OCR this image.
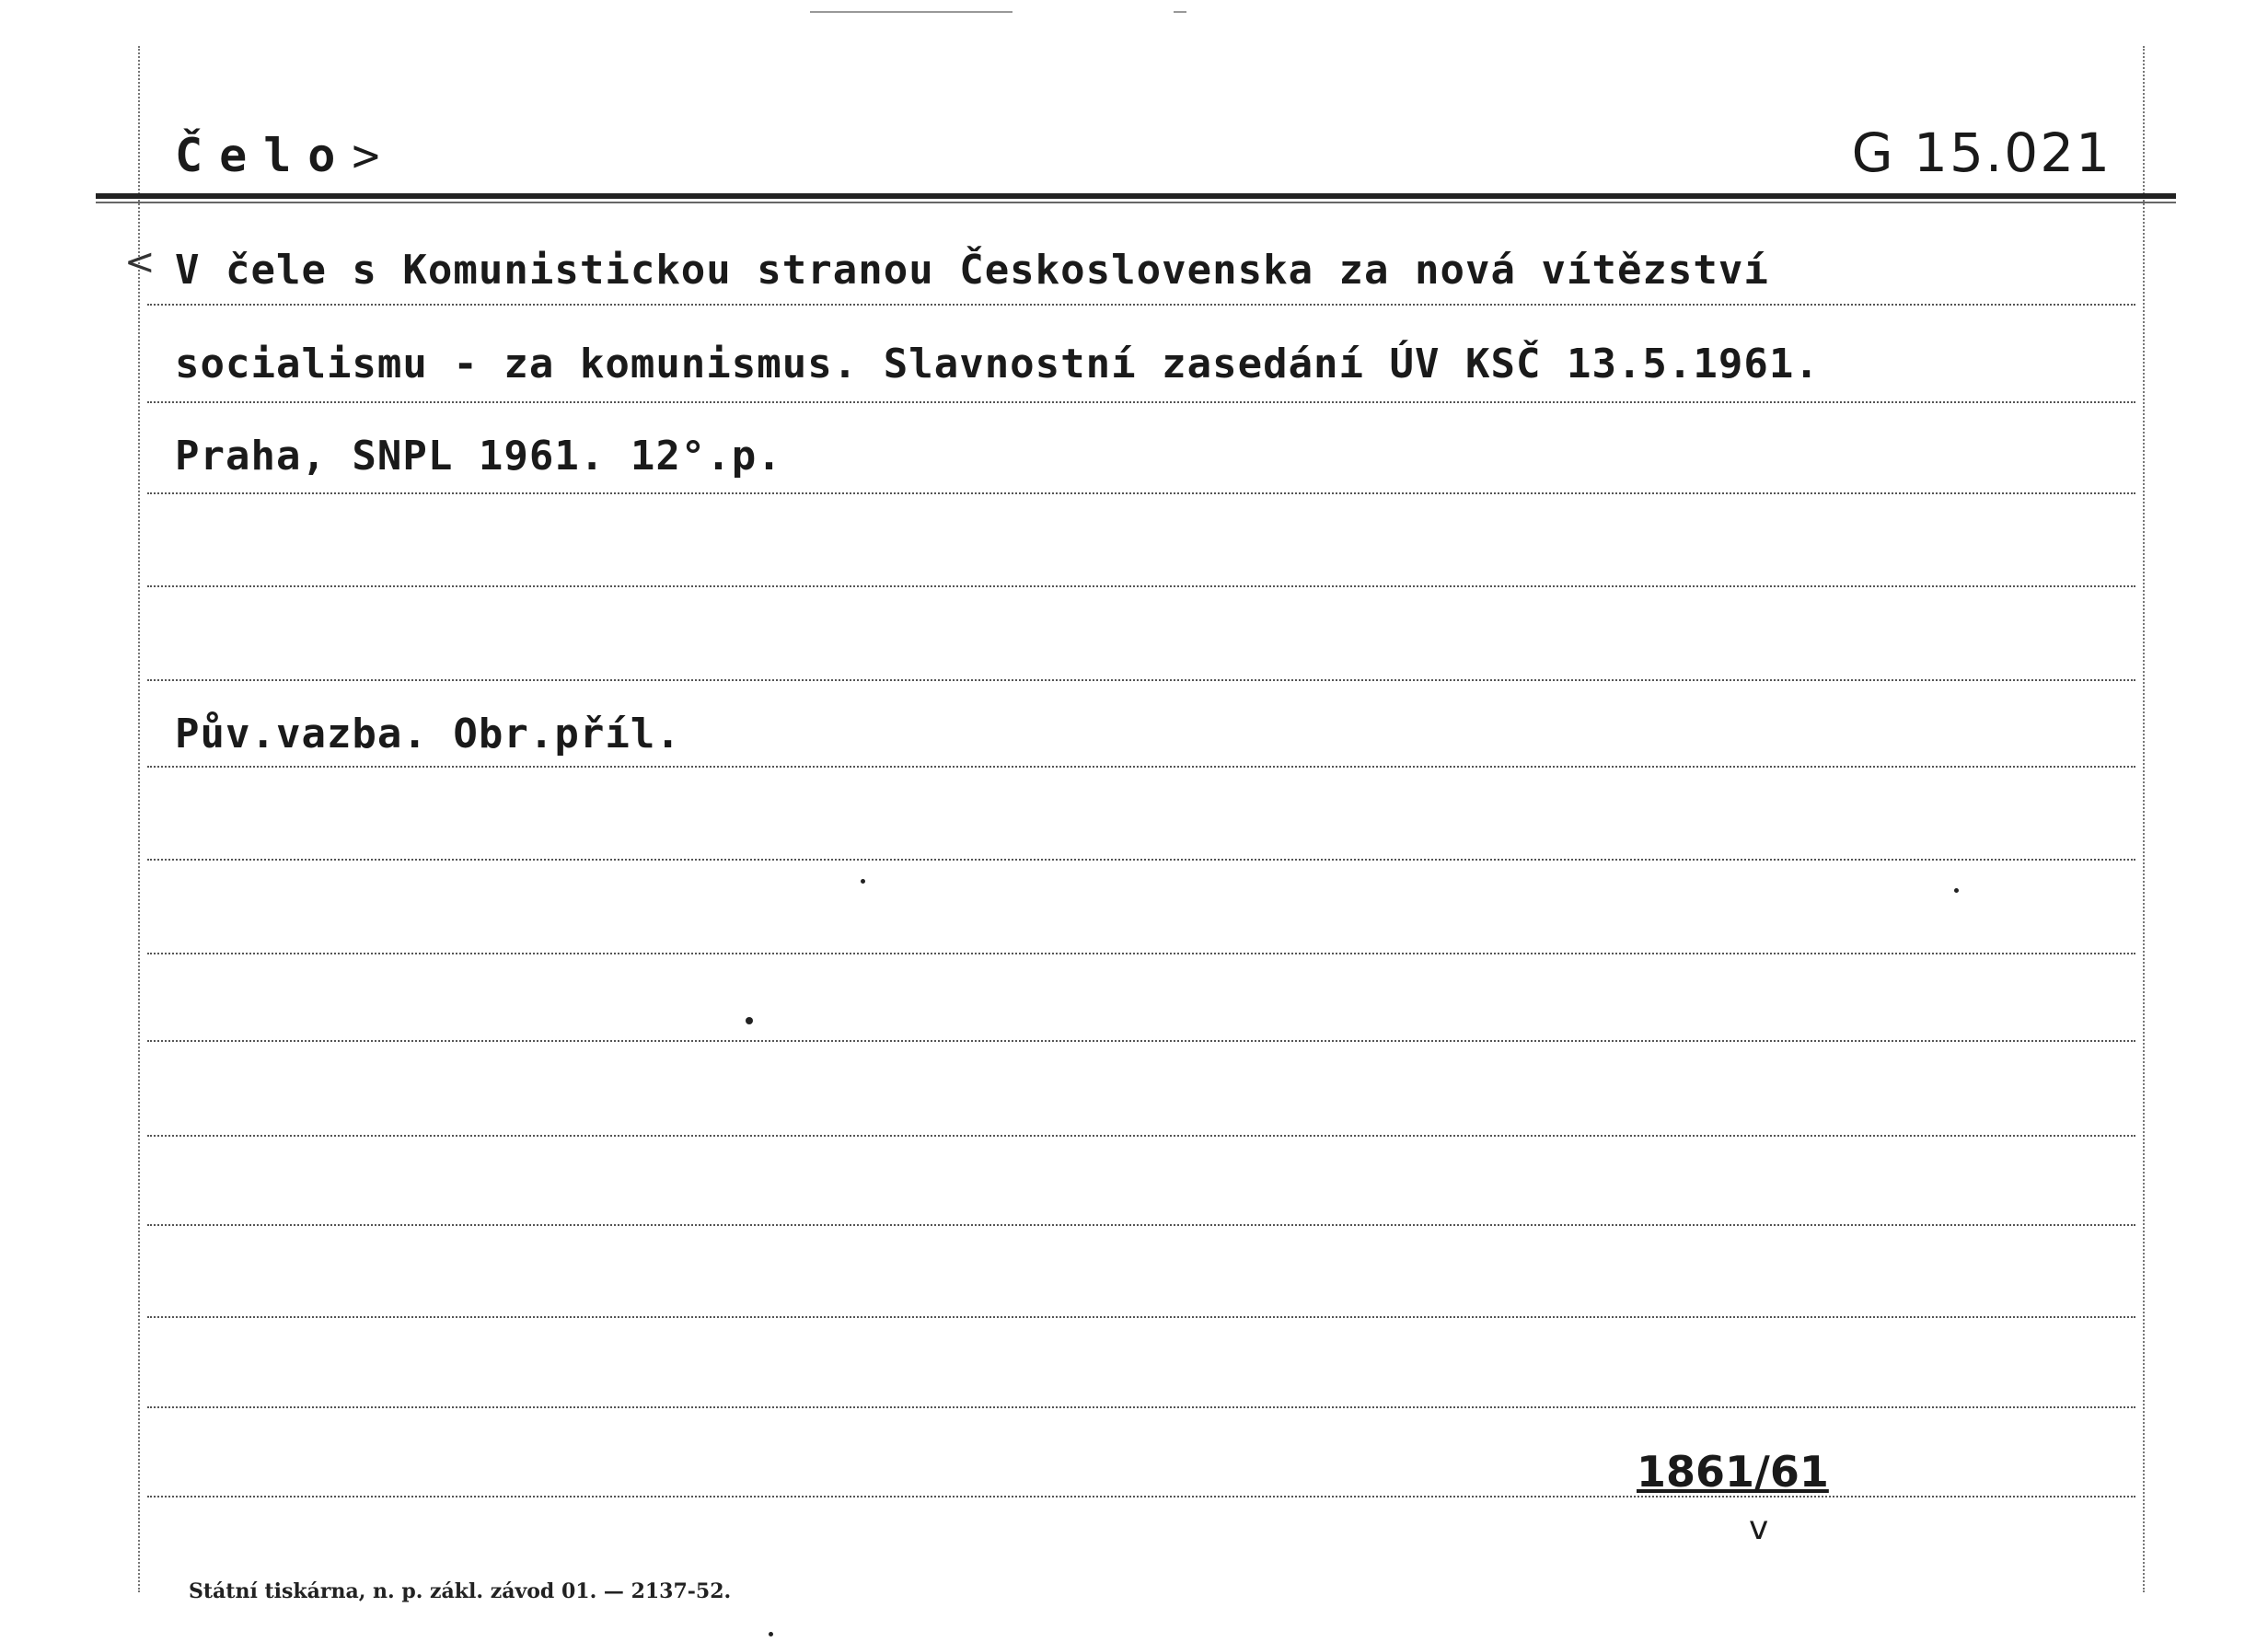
Čelo>	G 15.021
< V čele s Komunistickou stranou Československa za nová vítězství
socialismu - za komunismus. Slavnostní zasedání ÚV KSČ 13.5.1961.
Praha, SNPL 1961. 12°.p.
Pův.vazba. Obr.příl.
1861/61
v
Státní tiskárna, n. p. zákl. závod 01. — 2137-52.
